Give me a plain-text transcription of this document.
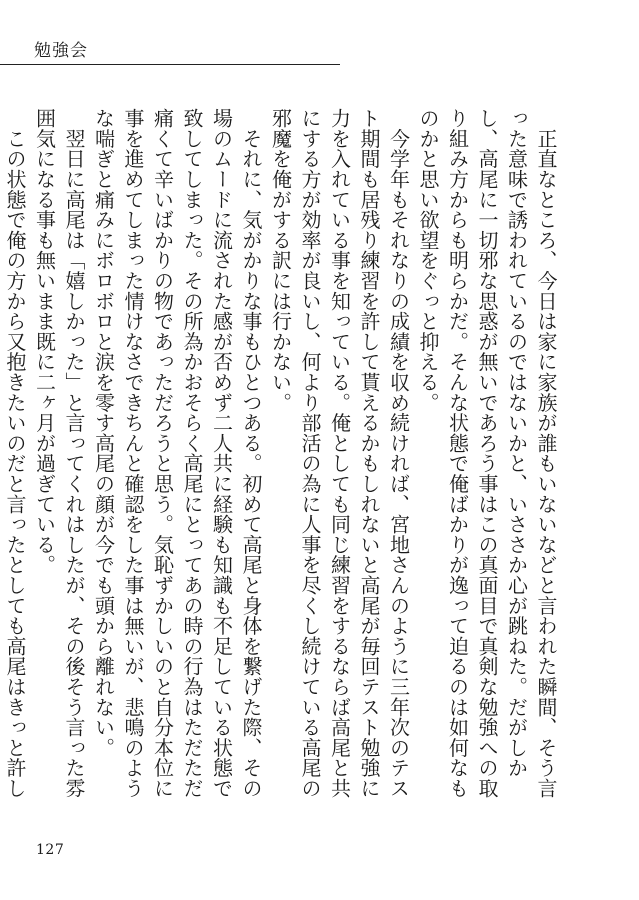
勉強会

　正直なところ、今日は家に家族が誰もいないなどと言われた瞬間、そう言った意味で誘われているのではないかと、いささか心が跳ねた。だがしかし、高尾に一切邪な思惑が無いであろう事はこの真面目で真剣な勉強への取り組み方からも明らかだ。そんな状態で俺ばかりが逸って迫るのは如何なものかと思い欲望をぐっと抑える。

　今学年もそれなりの成績を収め続ければ、宮地さんのように三年次のテスト期間も居残り練習を許して貰えるかもしれないと高尾が毎回テスト勉強に力を入れている事を知っている。俺としても同じ練習をするならば高尾と共にする方が効率が良いし、何より部活の為に人事を尽くし続けている高尾の邪魔を俺がする訳には行かない。

　それに、気がかりな事もひとつある。初めて高尾と身体を繋げた際、その場のムードに流された感が否めず二人共に経験も知識も不足している状態で致してしまった。その所為かおそらく高尾にとってあの時の行為はただただ痛くて辛いばかりの物であっただろうと思う。気恥ずかしいのと自分本位に事を進めてしまった情けなさできちんと確認をした事は無いが、悲鳴のような喘ぎと痛みにボロボロと涙を零す高尾の顔が今でも頭から離れない。

　翌日に高尾は「嬉しかった」と言ってくれはしたが、その後そう言った雰囲気になる事も無いまま既に二ヶ月が過ぎている。

　この状態で俺の方から又抱きたいのだと言ったとしても高尾はきっと許し

127
